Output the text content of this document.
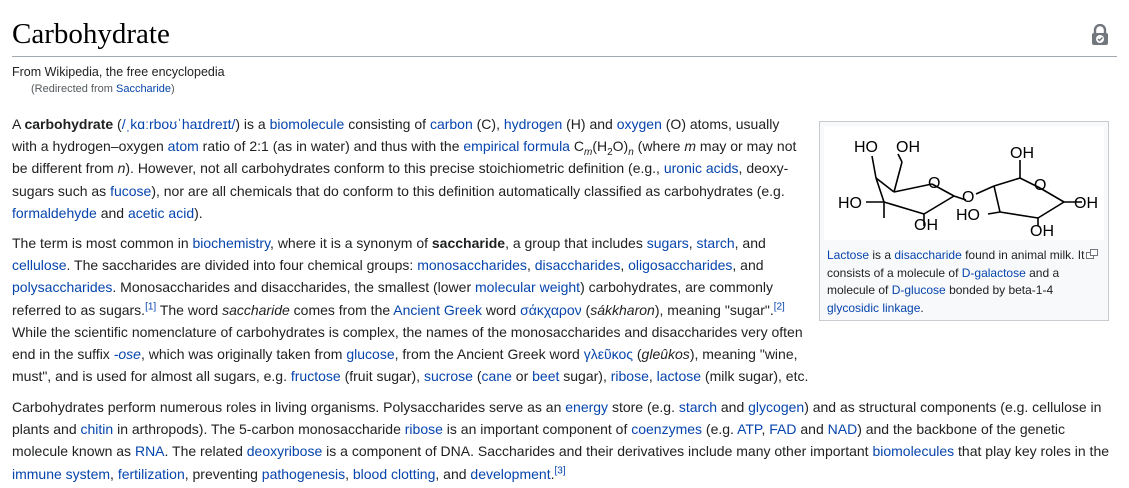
Carbohydrate
From Wikipedia, the free encyclopedia
(Redirected from Saccharide)

A carbohydrate (/ˌkɑːrboʊˈhaɪdreɪt/) is a biomolecule consisting of carbon (C), hydrogen (H) and oxygen (O) atoms, usually with a hydrogen–oxygen atom ratio of 2:1 (as in water) and thus with the empirical formula $C_m(H_2O)_n$ (where m may or may not be different from n). However, not all carbohydrates conform to this precise stoichiometric definition (e.g., uronic acids, deoxy-sugars such as fucose), nor are all chemicals that do conform to this definition automatically classified as carbohydrates (e.g. formaldehyde and acetic acid).

The term is most common in biochemistry, where it is a synonym of saccharide, a group that includes sugars, starch, and cellulose. The saccharides are divided into four chemical groups: monosaccharides, disaccharides, oligosaccharides, and polysaccharides. Monosaccharides and disaccharides, the smallest (lower molecular weight) carbohydrates, are commonly referred to as sugars.[1] The word saccharide comes from the Ancient Greek word σάκχαρον (sákkharon), meaning "sugar".[2] While the scientific nomenclature of carbohydrates is complex, the names of the monosaccharides and disaccharides very often end in the suffix -ose, which was originally taken from glucose, from the Ancient Greek word γλεῦκος (gleûkos), meaning "wine, must", and is used for almost all sugars, e.g. fructose (fruit sugar), sucrose (cane or beet sugar), ribose, lactose (milk sugar), etc.

Carbohydrates perform numerous roles in living organisms. Polysaccharides serve as an energy store (e.g. starch and glycogen) and as structural components (e.g. cellulose in plants and chitin in arthropods). The 5-carbon monosaccharide ribose is an important component of coenzymes (e.g. ATP, FAD and NAD) and the backbone of the genetic molecule known as RNA. The related deoxyribose is a component of DNA. Saccharides and their derivatives include many other important biomolecules that play key roles in the immune system, fertilization, preventing pathogenesis, blood clotting, and development.[3]

HO OH
O
HO
OH
O
OH
O
HO
OH
OH
Lactose is a disaccharide found in animal milk. It consists of a molecule of D-galactose and a molecule of D-glucose bonded by beta-1-4 glycosidic linkage.
